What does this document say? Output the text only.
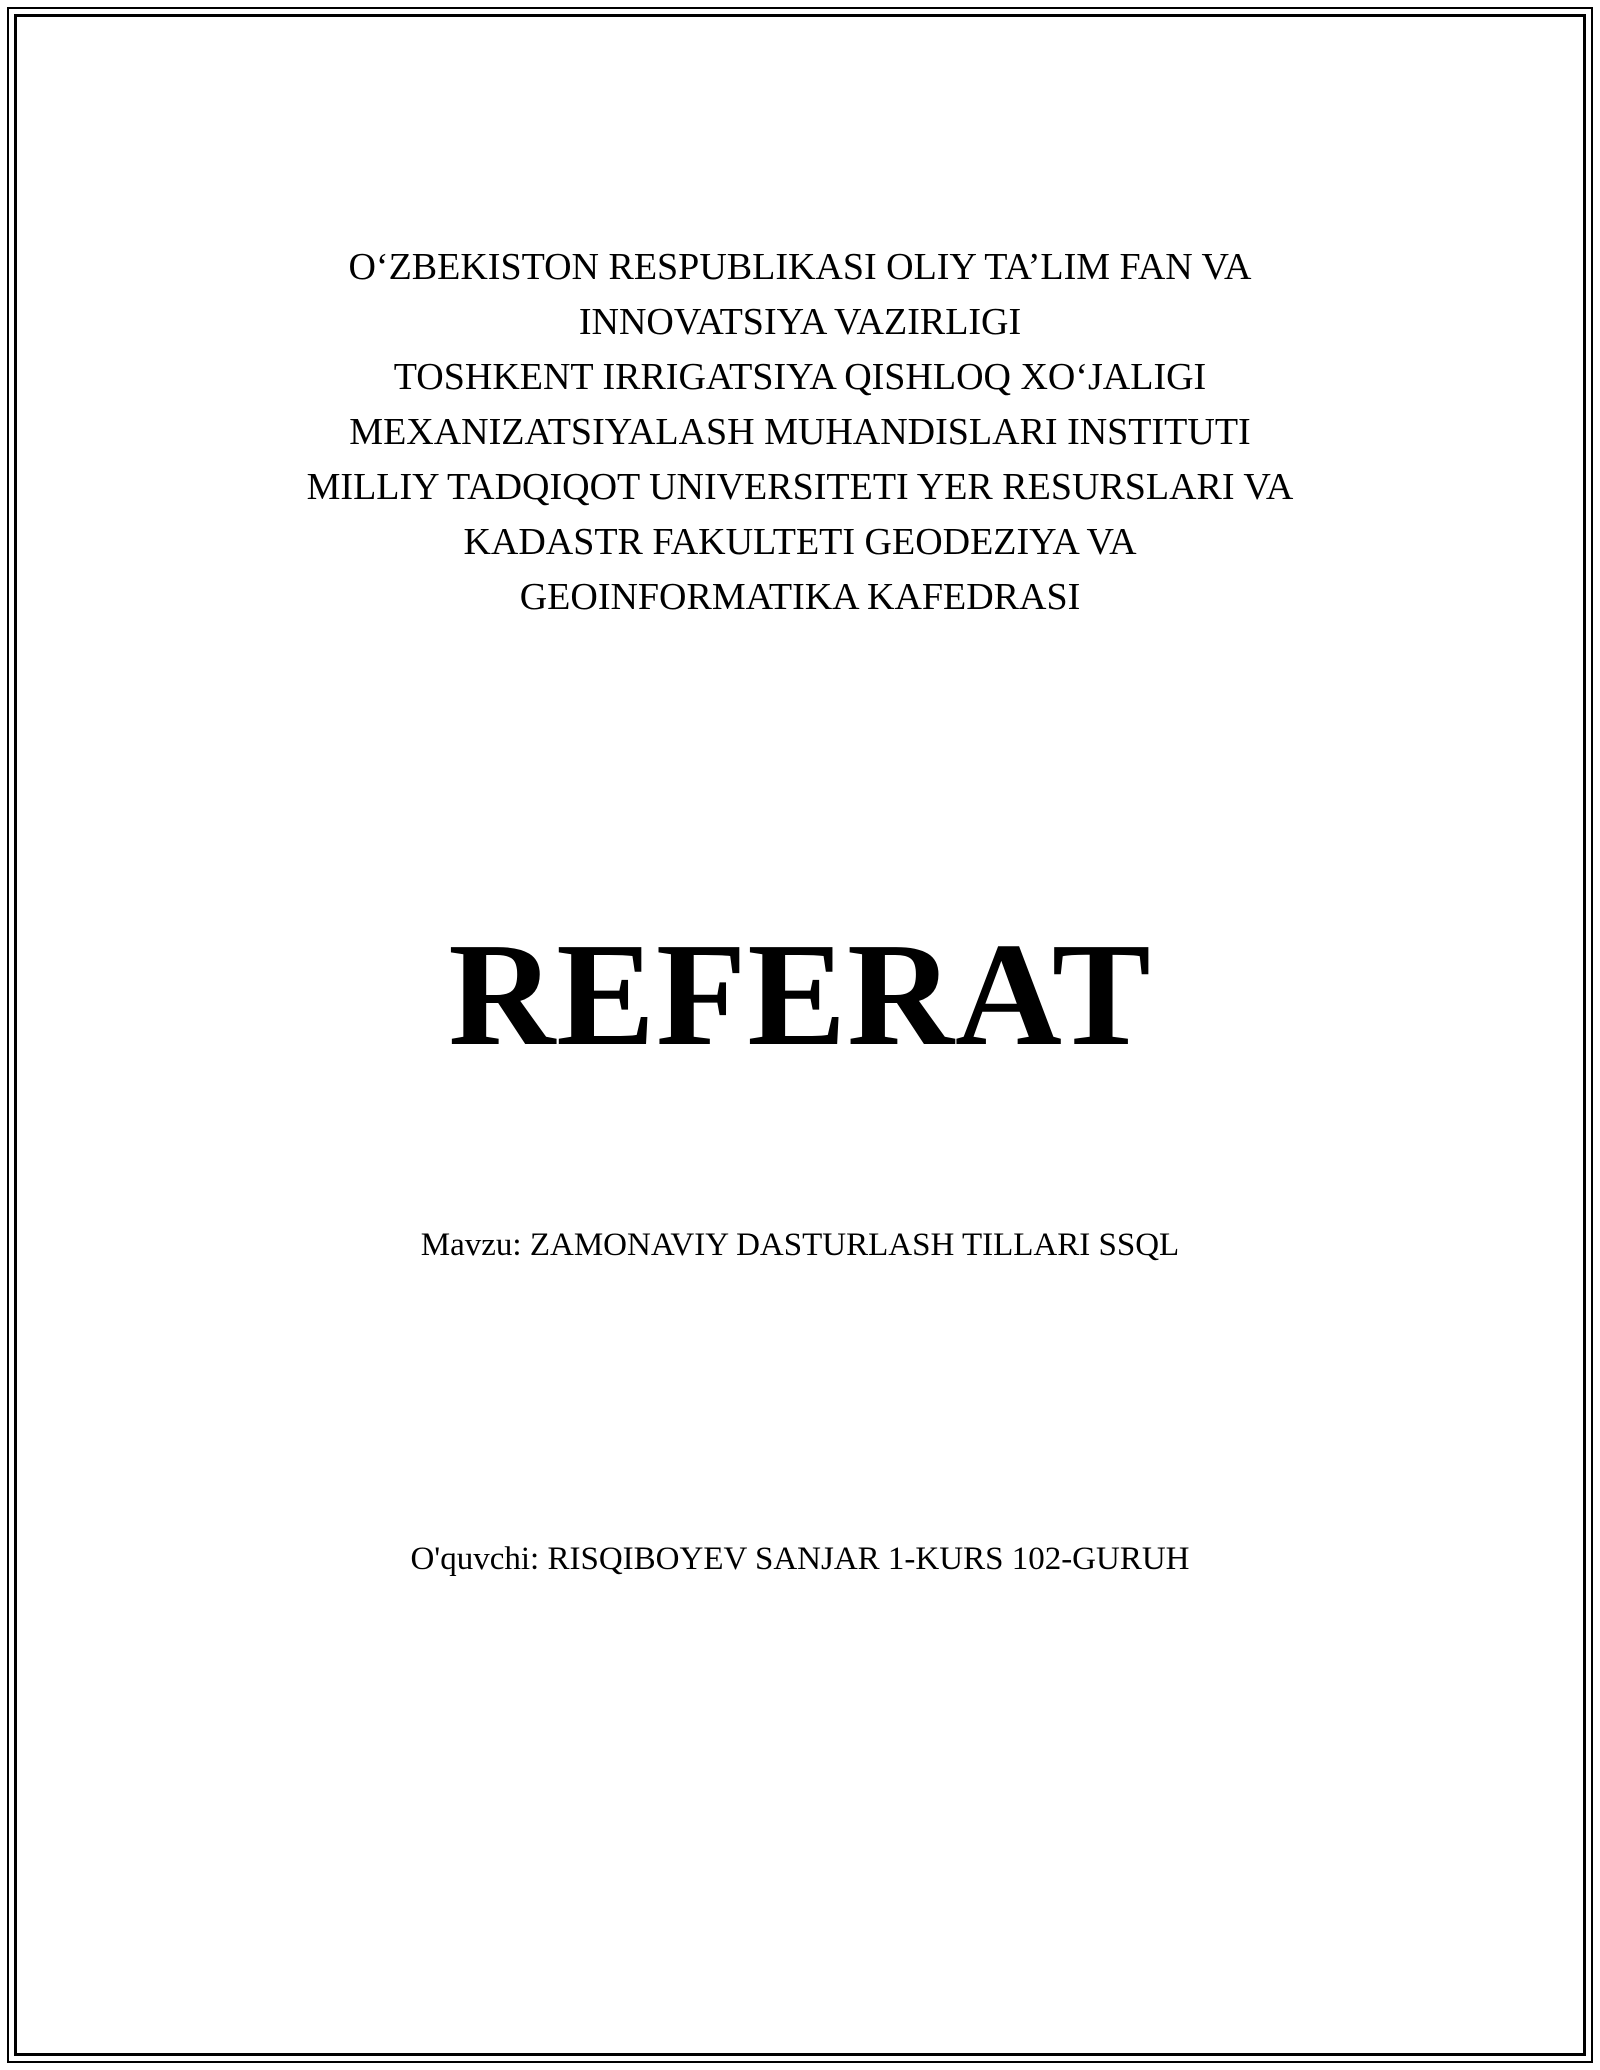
O‘ZBEKISTON RESPUBLIKASI OLIY TA’LIM FAN VA
INNOVATSIYA VAZIRLIGI
TOSHKENT IRRIGATSIYA QISHLOQ XO‘JALIGI
MEXANIZATSIYALASH MUHANDISLARI INSTITUTI
MILLIY TADQIQOT UNIVERSITETI YER RESURSLARI VA
KADASTR FAKULTETI GEODEZIYA VA
GEOINFORMATIKA KAFEDRASI
REFERAT
Mavzu: ZAMONAVIY DASTURLASH TILLARI SSQL
O'quvchi: RISQIBOYEV SANJAR 1-KURS 102-GURUH
